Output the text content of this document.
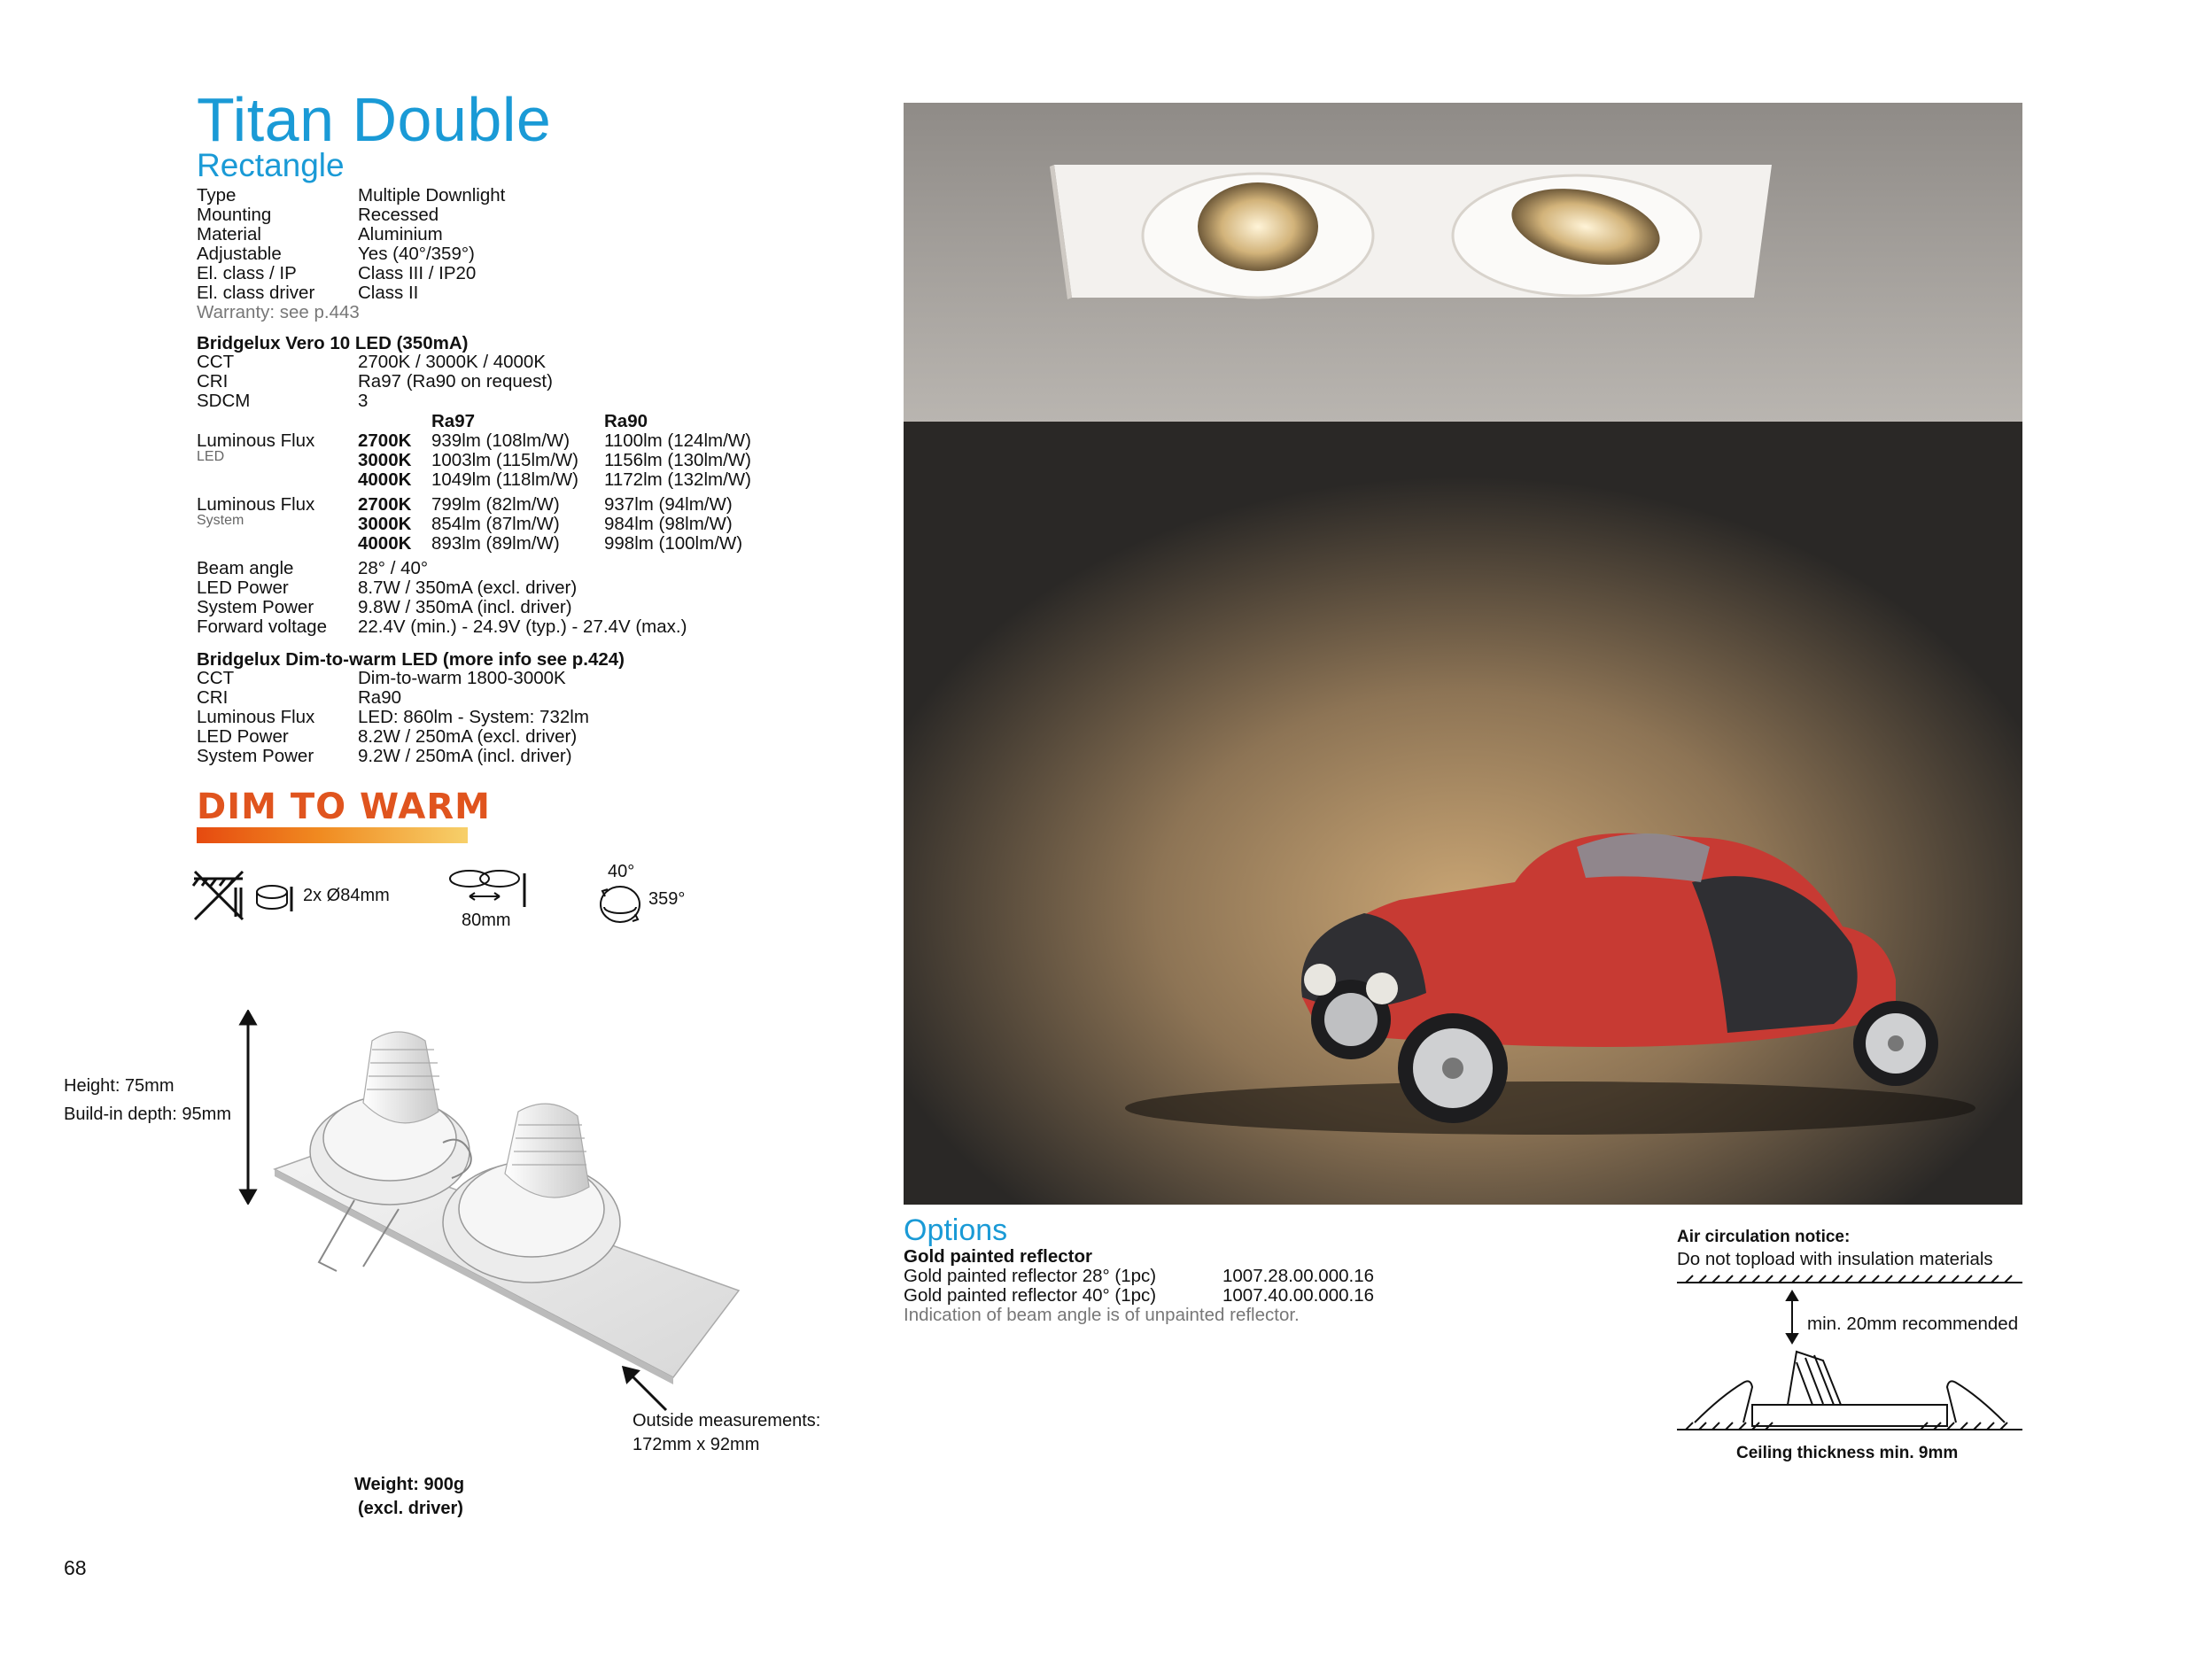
Titan Double
Rectangle
Type	Multiple Downlight
Mounting	Recessed
Material	Aluminium
Adjustable	Yes (40°/359°)
El. class / IP	Class III / IP20
El. class driver Class II
Warranty: see p.443
Bridgelux Vero 10 LED (350mA)
CCT	2700K / 3000K / 4000K
CRI	Ra97 (Ra90 on request)
SDCM	3
Ra97	Ra90
Luminous Flux
LED
2700K 939lm (108lm/W) 1100lm (124lm/W)
3000K 1003lm (115lm/W) 1156lm (130lm/W)
4000K 1049lm (118lm/W) 1172lm (132lm/W)
Luminous Flux
System
2700K 799lm (82lm/W) 937lm (94lm/W)
3000K 854lm (87lm/W) 984lm (98lm/W)
4000K 893lm (89lm/W) 998lm (100lm/W)
Beam angle	28° / 40°
LED Power	8.7W / 350mA (excl. driver)
System Power 9.8W / 350mA (incl. driver)
Forward voltage 22.4V (min.) - 24.9V (typ.) - 27.4V (max.)
Bridgelux Dim-to-warm LED (more info see p.424)
CCT	Dim-to-warm 1800-3000K
CRI	Ra90
Luminous Flux LED: 860lm - System: 732lm
LED Power	8.2W / 250mA (excl. driver)
System Power 9.2W / 250mA (incl. driver)
DIM TO WARM
2x Ø84mm
80mm
40°
359°
Height: 75mm
Build-in depth: 95mm
Outside measurements:
172mm x 92mm
Weight: 900g
(excl. driver)
Options
Gold painted reflector
Gold painted reflector 28° (1pc)	1007.28.00.000.16
Gold painted reflector 40° (1pc)	1007.40.00.000.16
Indication of beam angle is of unpainted reflector.
Air circulation notice:
Do not topload with insulation materials
min. 20mm recommended
Ceiling thickness min. 9mm
68
